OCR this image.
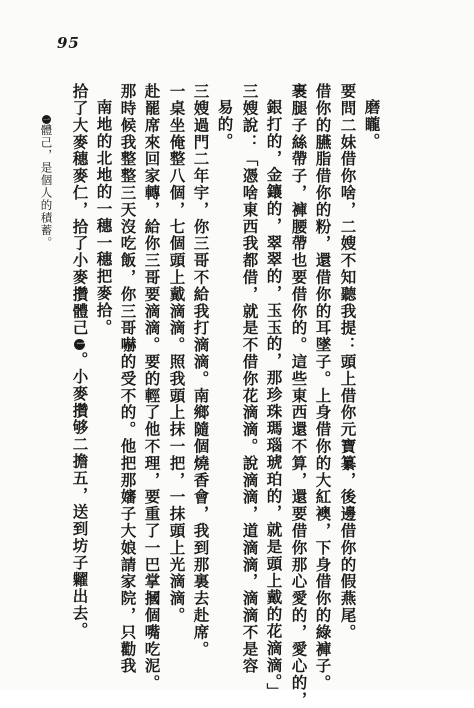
95
磨矓。
要問二妹借你啥，二嫂不知聽我提：頭上借你元寶纂，後邊借你的假燕尾。
借你的臙脂借你的粉，還借你的耳墜子。上身借你的大紅襖，下身借你的綠褲子。
裹腿子絲帶子，褲腰帶也要借你的。這些東西還不算，還要借你那心愛的，愛心的，
銀打的，金鑲的，翠翠的，玉玉的，那珍珠瑪瑙琥珀的，就是頭上戴的花滴滴。」
三嫂說：「憑啥東西我都借，就是不借你花滴滴。說滴滴，道滴滴，滴滴不是容
易的。
三嫂過門二年宇，你三哥不給我打滴滴。南鄉隨個燒香會，我到那裏去赴席。
一桌坐俺整八個，七個頭上戴滴滴。照我頭上抹一把，一抹頭上光滴滴。
赴罷席來回家轉，給你三哥要滴滴。要的輕了他不理，要重了一巴掌摑個嘴吃泥。
那時候我整整三天沒吃飯，你三哥嚇的受不的。他把那嬸子大娘請家院，只勸我
南地的北地的一穗一穗把麥拾。
拾了大麥穗麥仁，拾了小麥攢體己一。小麥攢够二擔五，送到坊子糶出去。
一體己，是個人的積蓄。
